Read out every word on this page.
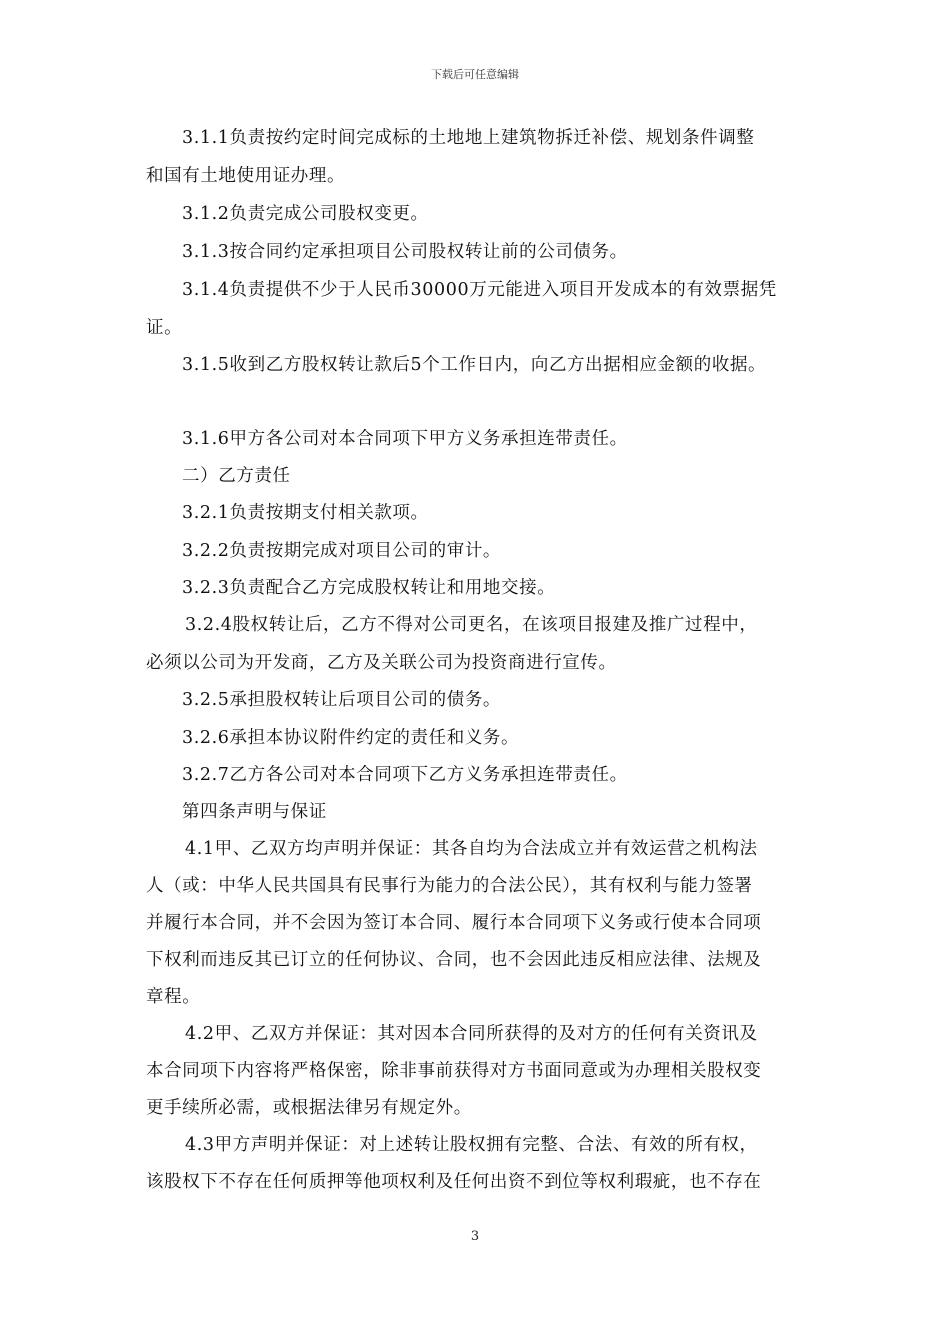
下载后可任意编辑
3.1.1负责按约定时间完成标的土地地上建筑物拆迁补偿、规划条件调整
和国有土地使用证办理。
3.1.2负责完成公司股权变更。
3.1.3按合同约定承担项目公司股权转让前的公司债务。
3.1.4负责提供不少于人民币30000万元能进入项目开发成本的有效票据凭
证。
3.1.5收到乙方股权转让款后5个工作日内，向乙方出据相应金额的收据。
3.1.6甲方各公司对本合同项下甲方义务承担连带责任。
二）乙方责任
3.2.1负责按期支付相关款项。
3.2.2负责按期完成对项目公司的审计。
3.2.3负责配合乙方完成股权转让和用地交接。
3.2.4股权转让后，乙方不得对公司更名，在该项目报建及推广过程中，
必须以公司为开发商，乙方及关联公司为投资商进行宣传。
3.2.5承担股权转让后项目公司的债务。
3.2.6承担本协议附件约定的责任和义务。
3.2.7乙方各公司对本合同项下乙方义务承担连带责任。
第四条声明与保证
4.1甲、乙双方均声明并保证：其各自均为合法成立并有效运营之机构法
人（或：中华人民共国具有民事行为能力的合法公民），其有权利与能力签署
并履行本合同，并不会因为签订本合同、履行本合同项下义务或行使本合同项
下权利而违反其已订立的任何协议、合同，也不会因此违反相应法律、法规及
章程。
4.2甲、乙双方并保证：其对因本合同所获得的及对方的任何有关资讯及
本合同项下内容将严格保密，除非事前获得对方书面同意或为办理相关股权变
更手续所必需，或根据法律另有规定外。
4.3甲方声明并保证：对上述转让股权拥有完整、合法、有效的所有权，
该股权下不存在任何质押等他项权利及任何出资不到位等权利瑕疵，也不存在
3
